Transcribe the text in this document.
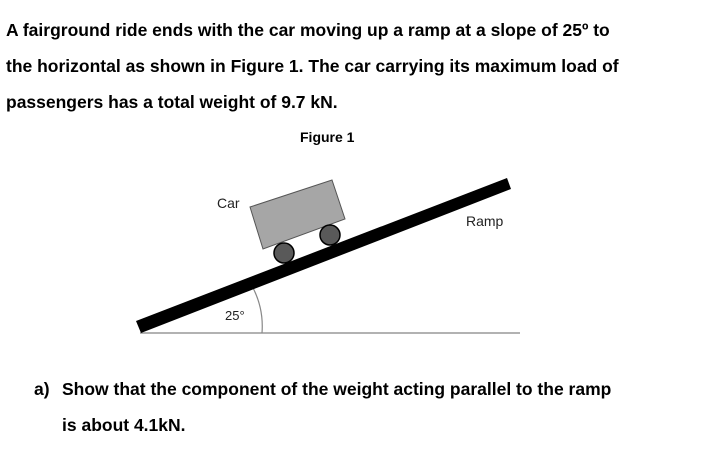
A fairground ride ends with the car moving up a ramp at a slope of 25º to
the horizontal as shown in Figure 1. The car carrying its maximum load of
passengers has a total weight of 9.7 kN.
Figure 1
Car
Ramp
25°
a) Show that the component of the weight acting parallel to the ramp
is about 4.1kN.
